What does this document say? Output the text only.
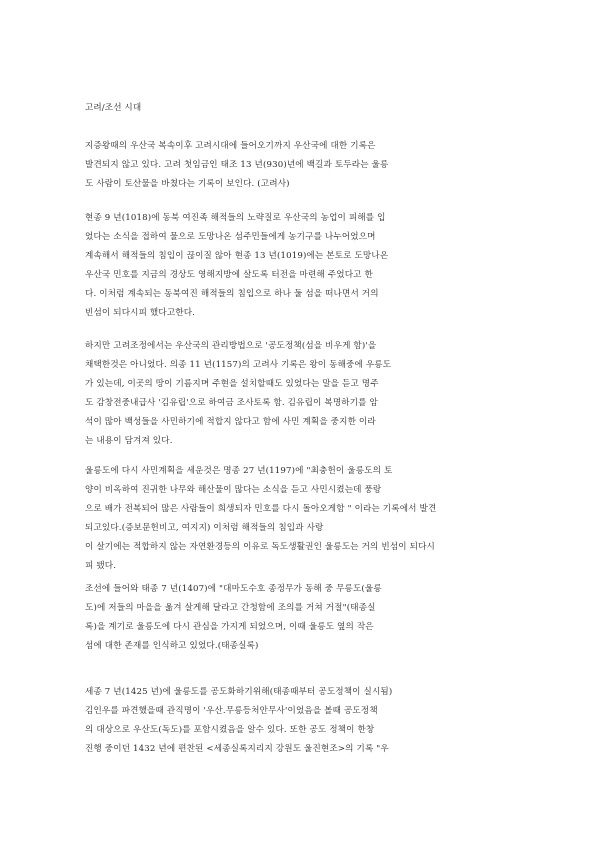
고려/조선 시대
지증왕때의 우산국 복속이후 고려시대에 들어오기까지 우산국에 대한 기록은
발견되지 않고 있다. 고려 첫임금인 태조 13 년(930)년에 백길과 토두라는 울릉
도 사람이 토산물을 바쳤다는 기록이 보인다. (고려사)
현종 9 년(1018)에 동북 여진족 해적들의 노략질로 우산국의 농업이 피해를 입
었다는 소식을 접하여 물으로 도망나온 섬주민들에게 농기구를 나누어었으며
계속해서 해적들의 침입이 끊이질 않아 현종 13 년(1019)에는 본토로 도망나온
우산국 민호를 지금의 경상도 영해지방에 살도록 터전을 마련해 주었다고 한
다. 이처럼 계속되는 동북여진 해적들의 침입으로 하나 둘 섬을 떠나면서 거의
빈섬이 되다시피 했다고한다.
하지만 고려조정에서는 우산국의 관리방법으로 '공도정책(섬을 비우게 함)'을
채택한것은 아니었다. 의종 11 년(1157)의 고려사 기록은 왕이 동해중에 우릉도
가 있는데, 이곳의 땅이 기름지며 주현을 설치할때도 있었다는 말을 듣고 명주
도 감창전중내급사 '김유립'으로 하여금 조사토록 함. 김유립이 복명하기를 암
석이 많아 백성들을 사민하기에 적합지 않다고 함에 사민 계획을 중지한 이라
는 내용이 담겨져 있다.
울릉도에 다시 사민계획을 세운것은 명종 27 년(1197)에 "최충헌이 울릉도의 토
양이 비옥하여 진귀한 나무와 해산물이 많다는 소식을 듣고 사민시켰는데 풍랑
으로 배가 전복되어 많은 사람들이 희생되자 민호를 다시 돌아오게함 " 이라는 기록에서 발견
되고있다.(증보문헌비고, 여지지) 이처럼 해적들의 침입과 사랑
이 살기에는 적합하지 않는 자연환경등의 이유로 독도생활권인 울릉도는 거의 빈섬이 되다시
피 됐다.
조선에 들어와 태종 7 년(1407)에 "대마도수호 종정무가 동해 중 무릉도(울릉
도)에 저들의 마을을 옮겨 살게해 달라고 간청함에 조의를 거쳐 거절"(태종실
록)을 계기로 울릉도에 다시 관심을 가지게 되었으며, 이때 울릉도 옆의 작은
섬에 대한 존재를 인식하고 있었다.(태종실록)
세종 7 년(1425 년)에 울릉도를 공도화하기위해(태종때부터 공도정책이 실시됨)
김인우를 파견했을때 관직명이 '우산.무릉등처안무사'이었음을 볼때 공도정책
의 대상으로 우산도(독도)를 포함시켰음을 알수 있다. 또한 공도 정책이 한창
진행 중이던 1432 년에 편찬된 <세종실록지리지 강원도 울진현조>의 기록 "우
